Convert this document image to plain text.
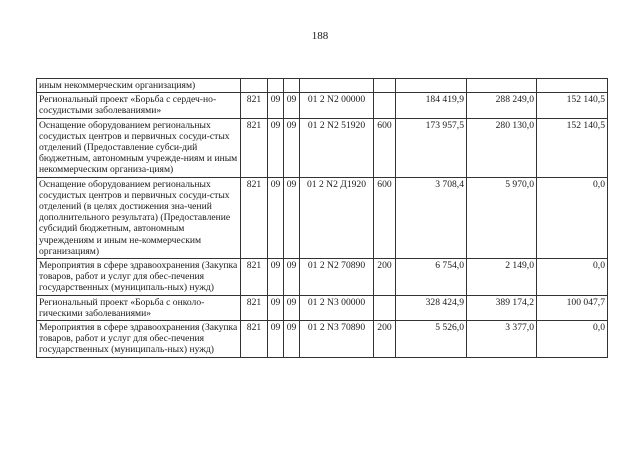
188
иным некоммерческим организациям)								
Региональный проект «Борьба с сердеч-но-сосудистыми заболеваниями»	821	09	09	01 2 N2 00000		184 419,9	288 249,0	152 140,5
Оснащение оборудованием региональных сосудистых центров и первичных сосуди-стых отделений (Предоставление субси-дий бюджетным, автономным учрежде-ниям и иным некоммерческим организа-циям)	821	09	09	01 2 N2 51920	600	173 957,5	280 130,0	152 140,5
Оснащение оборудованием региональных сосудистых центров и первичных сосуди-стых отделений (в целях достижения зна-чений дополнительного результата) (Предоставление субсидий бюджетным, автономным учреждениям и иным не-коммерческим организациям)	821	09	09	01 2 N2 Д1920	600	3 708,4	5 970,0	0,0
Мероприятия в сфере здравоохранения (Закупка товаров, работ и услуг для обес-печения государственных (муниципаль-ных) нужд)	821	09	09	01 2 N2 70890	200	6 754,0	2 149,0	0,0
Региональный проект «Борьба с онколо-гическими заболеваниями»	821	09	09	01 2 N3 00000		328 424,9	389 174,2	100 047,7
Мероприятия в сфере здравоохранения (Закупка товаров, работ и услуг для обес-печения государственных (муниципаль-ных) нужд)	821	09	09	01 2 N3 70890	200	5 526,0	3 377,0	0,0
